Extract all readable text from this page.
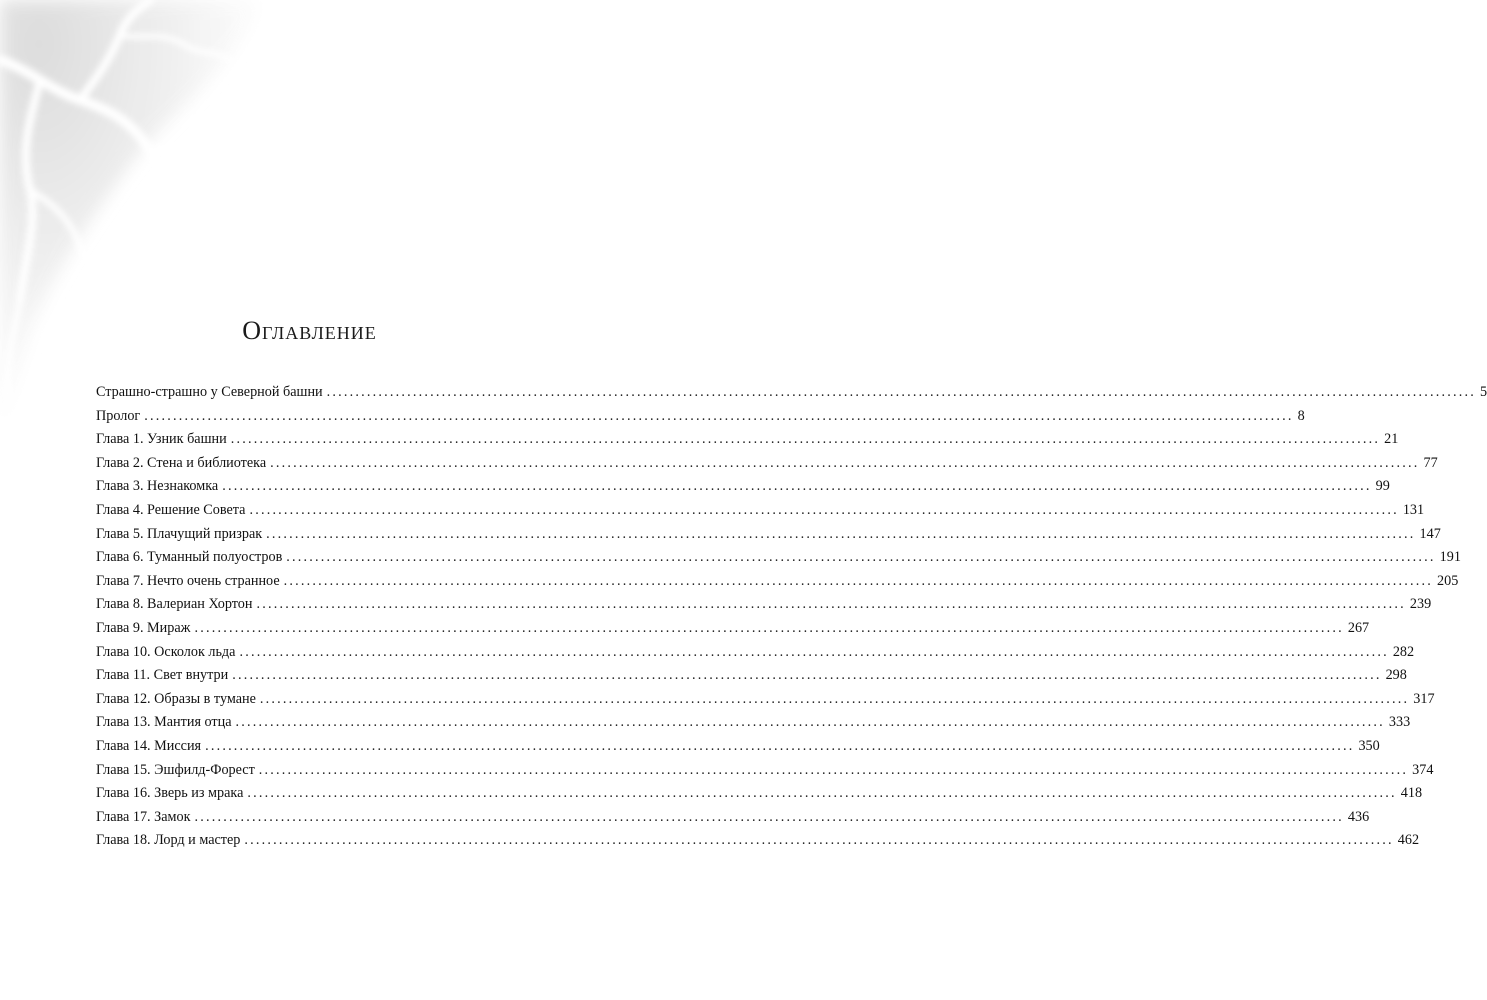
Оглавление
Страшно-страшно у Северной башни ........................................................................................................................................................................................................ 5
Пролог ........................................................................................................................................................................................................ 8
Глава 1. Узник башни ........................................................................................................................................................................................................ 21
Глава 2. Стена и библиотека ........................................................................................................................................................................................................ 77
Глава 3. Незнакомка ........................................................................................................................................................................................................ 99
Глава 4. Решение Совета ........................................................................................................................................................................................................ 131
Глава 5. Плачущий призрак ........................................................................................................................................................................................................ 147
Глава 6. Туманный полуостров ........................................................................................................................................................................................................ 191
Глава 7. Нечто очень странное ........................................................................................................................................................................................................ 205
Глава 8. Валериан Хортон ........................................................................................................................................................................................................ 239
Глава 9. Мираж ........................................................................................................................................................................................................ 267
Глава 10. Осколок льда ........................................................................................................................................................................................................ 282
Глава 11. Свет внутри ........................................................................................................................................................................................................ 298
Глава 12. Образы в тумане ........................................................................................................................................................................................................ 317
Глава 13. Мантия отца ........................................................................................................................................................................................................ 333
Глава 14. Миссия ........................................................................................................................................................................................................ 350
Глава 15. Эшфилд-Форест ........................................................................................................................................................................................................ 374
Глава 16. Зверь из мрака ........................................................................................................................................................................................................ 418
Глава 17. Замок ........................................................................................................................................................................................................ 436
Глава 18. Лорд и мастер ........................................................................................................................................................................................................ 462
